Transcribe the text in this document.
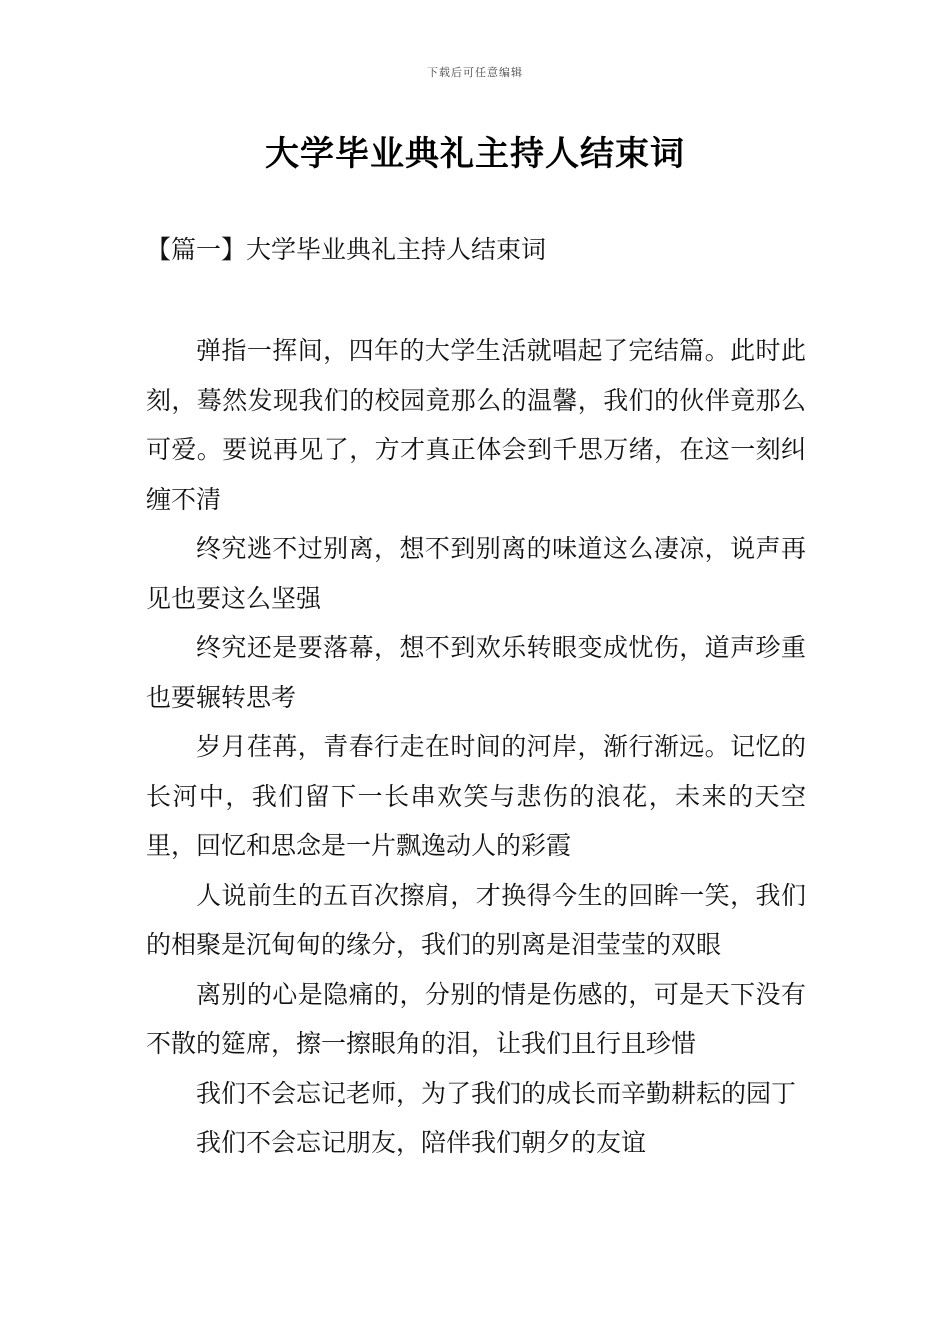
下载后可任意编辑
大学毕业典礼主持人结束词
【篇一】大学毕业典礼主持人结束词

弹指一挥间，四年的大学生活就唱起了完结篇。此时此刻，蓦然发现我们的校园竟那么的温馨，我们的伙伴竟那么可爱。要说再见了，方才真正体会到千思万绪，在这一刻纠缠不清

终究逃不过别离，想不到别离的味道这么凄凉，说声再见也要这么坚强

终究还是要落幕，想不到欢乐转眼变成忧伤，道声珍重也要辗转思考

岁月荏苒，青春行走在时间的河岸，渐行渐远。记忆的长河中，我们留下一长串欢笑与悲伤的浪花，未来的天空里，回忆和思念是一片飘逸动人的彩霞

人说前生的五百次擦肩，才换得今生的回眸一笑，我们的相聚是沉甸甸的缘分，我们的别离是泪莹莹的双眼

离别的心是隐痛的，分别的情是伤感的，可是天下没有不散的筵席，擦一擦眼角的泪，让我们且行且珍惜

我们不会忘记老师，为了我们的成长而辛勤耕耘的园丁

我们不会忘记朋友，陪伴我们朝夕的友谊
